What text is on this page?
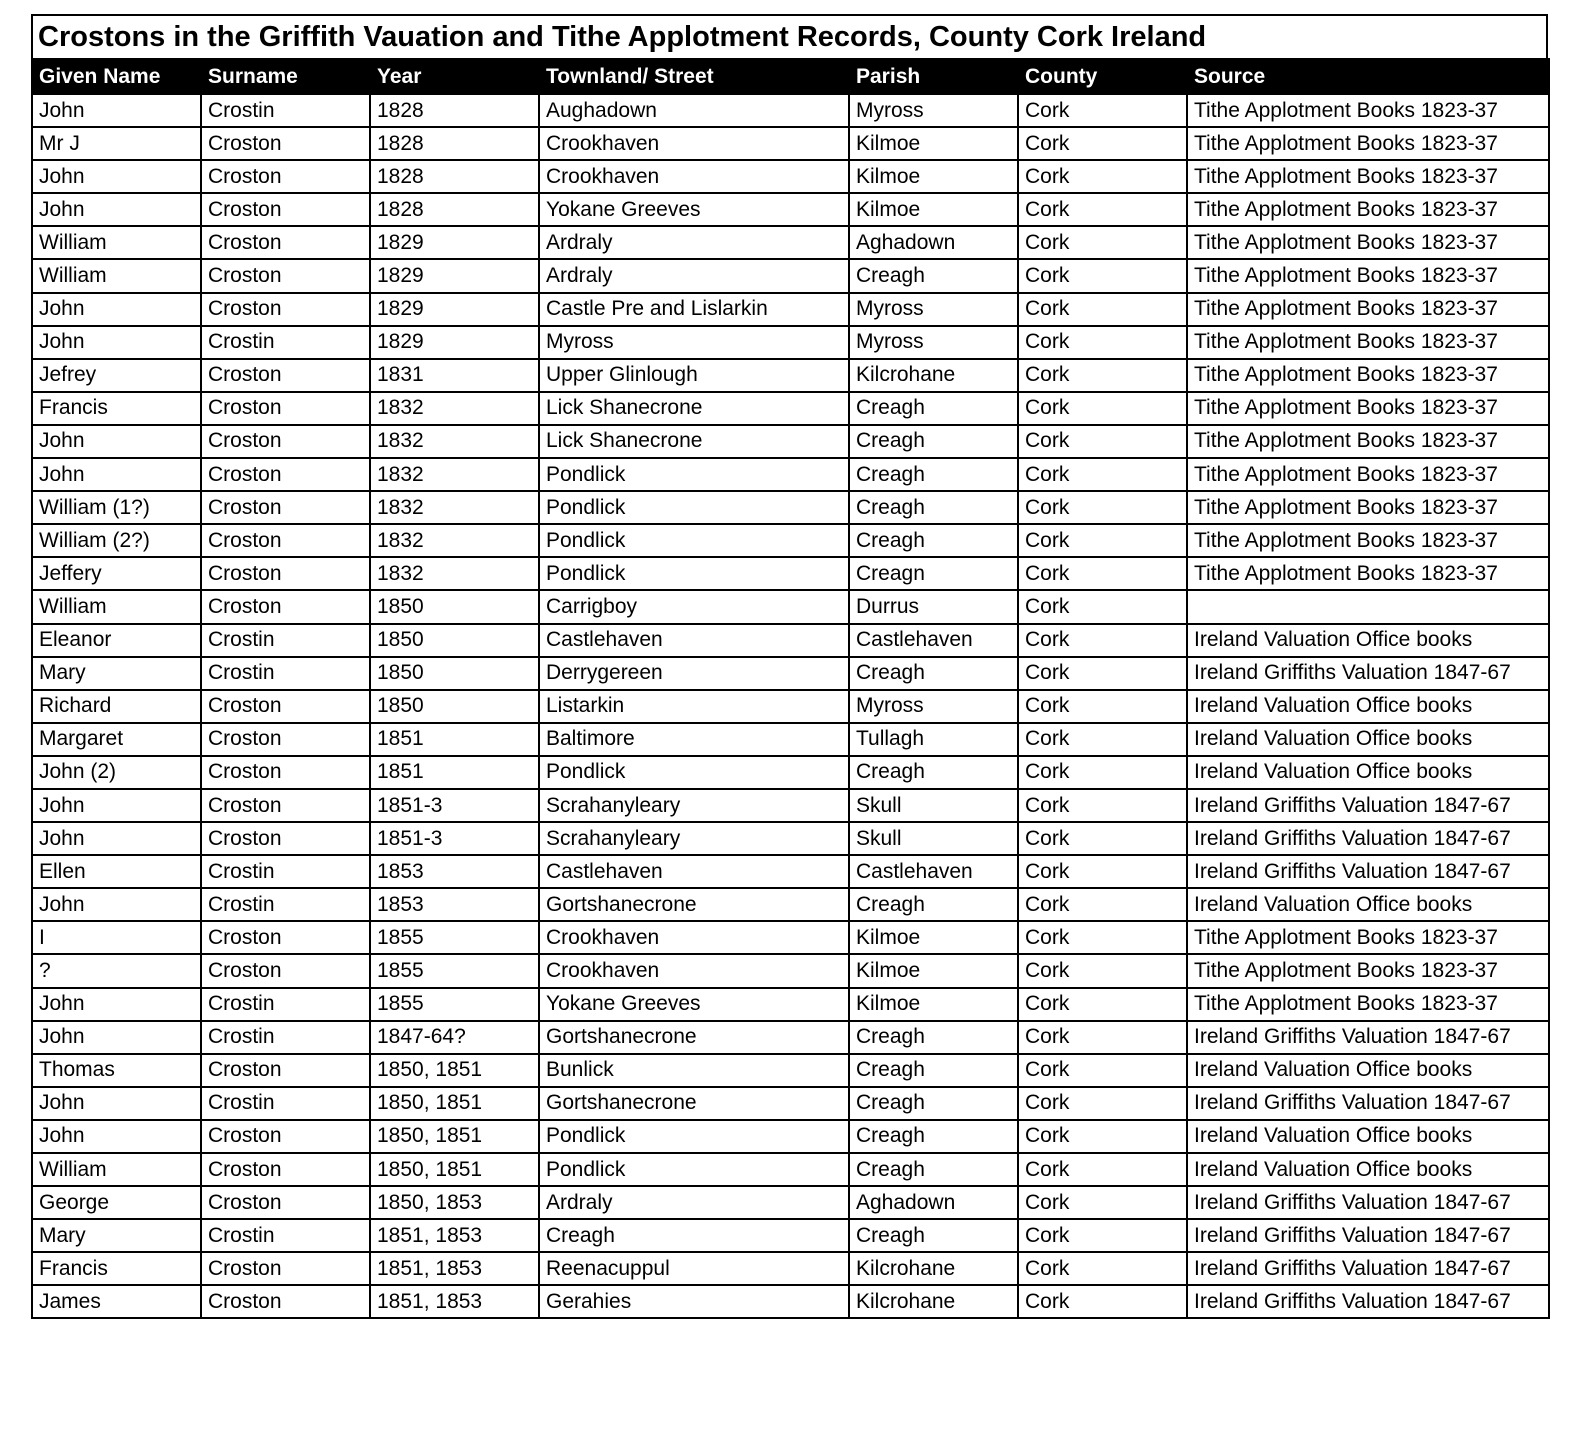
Crostons in the Griffith Vauation and Tithe Applotment Records, County Cork Ireland
Given Name	Surname	Year	Townland/ Street	Parish	County	Source
John	Crostin	1828	Aughadown	Myross	Cork	Tithe Applotment Books 1823-37
Mr J	Croston	1828	Crookhaven	Kilmoe	Cork	Tithe Applotment Books 1823-37
John	Croston	1828	Crookhaven	Kilmoe	Cork	Tithe Applotment Books 1823-37
John	Croston	1828	Yokane Greeves	Kilmoe	Cork	Tithe Applotment Books 1823-37
William	Croston	1829	Ardraly	Aghadown	Cork	Tithe Applotment Books 1823-37
William	Croston	1829	Ardraly	Creagh	Cork	Tithe Applotment Books 1823-37
John	Croston	1829	Castle Pre and Lislarkin	Myross	Cork	Tithe Applotment Books 1823-37
John	Crostin	1829	Myross	Myross	Cork	Tithe Applotment Books 1823-37
Jefrey	Croston	1831	Upper Glinlough	Kilcrohane	Cork	Tithe Applotment Books 1823-37
Francis	Croston	1832	Lick Shanecrone	Creagh	Cork	Tithe Applotment Books 1823-37
John	Croston	1832	Lick Shanecrone	Creagh	Cork	Tithe Applotment Books 1823-37
John	Croston	1832	Pondlick	Creagh	Cork	Tithe Applotment Books 1823-37
William (1?)	Croston	1832	Pondlick	Creagh	Cork	Tithe Applotment Books 1823-37
William (2?)	Croston	1832	Pondlick	Creagh	Cork	Tithe Applotment Books 1823-37
Jeffery	Croston	1832	Pondlick	Creagn	Cork	Tithe Applotment Books 1823-37
William	Croston	1850	Carrigboy	Durrus	Cork	
Eleanor	Crostin	1850	Castlehaven	Castlehaven	Cork	Ireland Valuation Office books
Mary	Crostin	1850	Derrygereen	Creagh	Cork	Ireland Griffiths Valuation 1847-67
Richard	Croston	1850	Listarkin	Myross	Cork	Ireland Valuation Office books
Margaret	Croston	1851	Baltimore	Tullagh	Cork	Ireland Valuation Office books
John (2)	Croston	1851	Pondlick	Creagh	Cork	Ireland Valuation Office books
John	Croston	1851-3	Scrahanyleary	Skull	Cork	Ireland Griffiths Valuation 1847-67
John	Croston	1851-3	Scrahanyleary	Skull	Cork	Ireland Griffiths Valuation 1847-67
Ellen	Crostin	1853	Castlehaven	Castlehaven	Cork	Ireland Griffiths Valuation 1847-67
John	Crostin	1853	Gortshanecrone	Creagh	Cork	Ireland Valuation Office books
I	Croston	1855	Crookhaven	Kilmoe	Cork	Tithe Applotment Books 1823-37
?	Croston	1855	Crookhaven	Kilmoe	Cork	Tithe Applotment Books 1823-37
John	Crostin	1855	Yokane Greeves	Kilmoe	Cork	Tithe Applotment Books 1823-37
John	Crostin	1847-64?	Gortshanecrone	Creagh	Cork	Ireland Griffiths Valuation 1847-67
Thomas	Croston	1850, 1851	Bunlick	Creagh	Cork	Ireland Valuation Office books
John	Crostin	1850, 1851	Gortshanecrone	Creagh	Cork	Ireland Griffiths Valuation 1847-67
John	Croston	1850, 1851	Pondlick	Creagh	Cork	Ireland Valuation Office books
William	Croston	1850, 1851	Pondlick	Creagh	Cork	Ireland Valuation Office books
George	Croston	1850, 1853	Ardraly	Aghadown	Cork	Ireland Griffiths Valuation 1847-67
Mary	Crostin	1851, 1853	Creagh	Creagh	Cork	Ireland Griffiths Valuation 1847-67
Francis	Croston	1851, 1853	Reenacuppul	Kilcrohane	Cork	Ireland Griffiths Valuation 1847-67
James	Croston	1851, 1853	Gerahies	Kilcrohane	Cork	Ireland Griffiths Valuation 1847-67
